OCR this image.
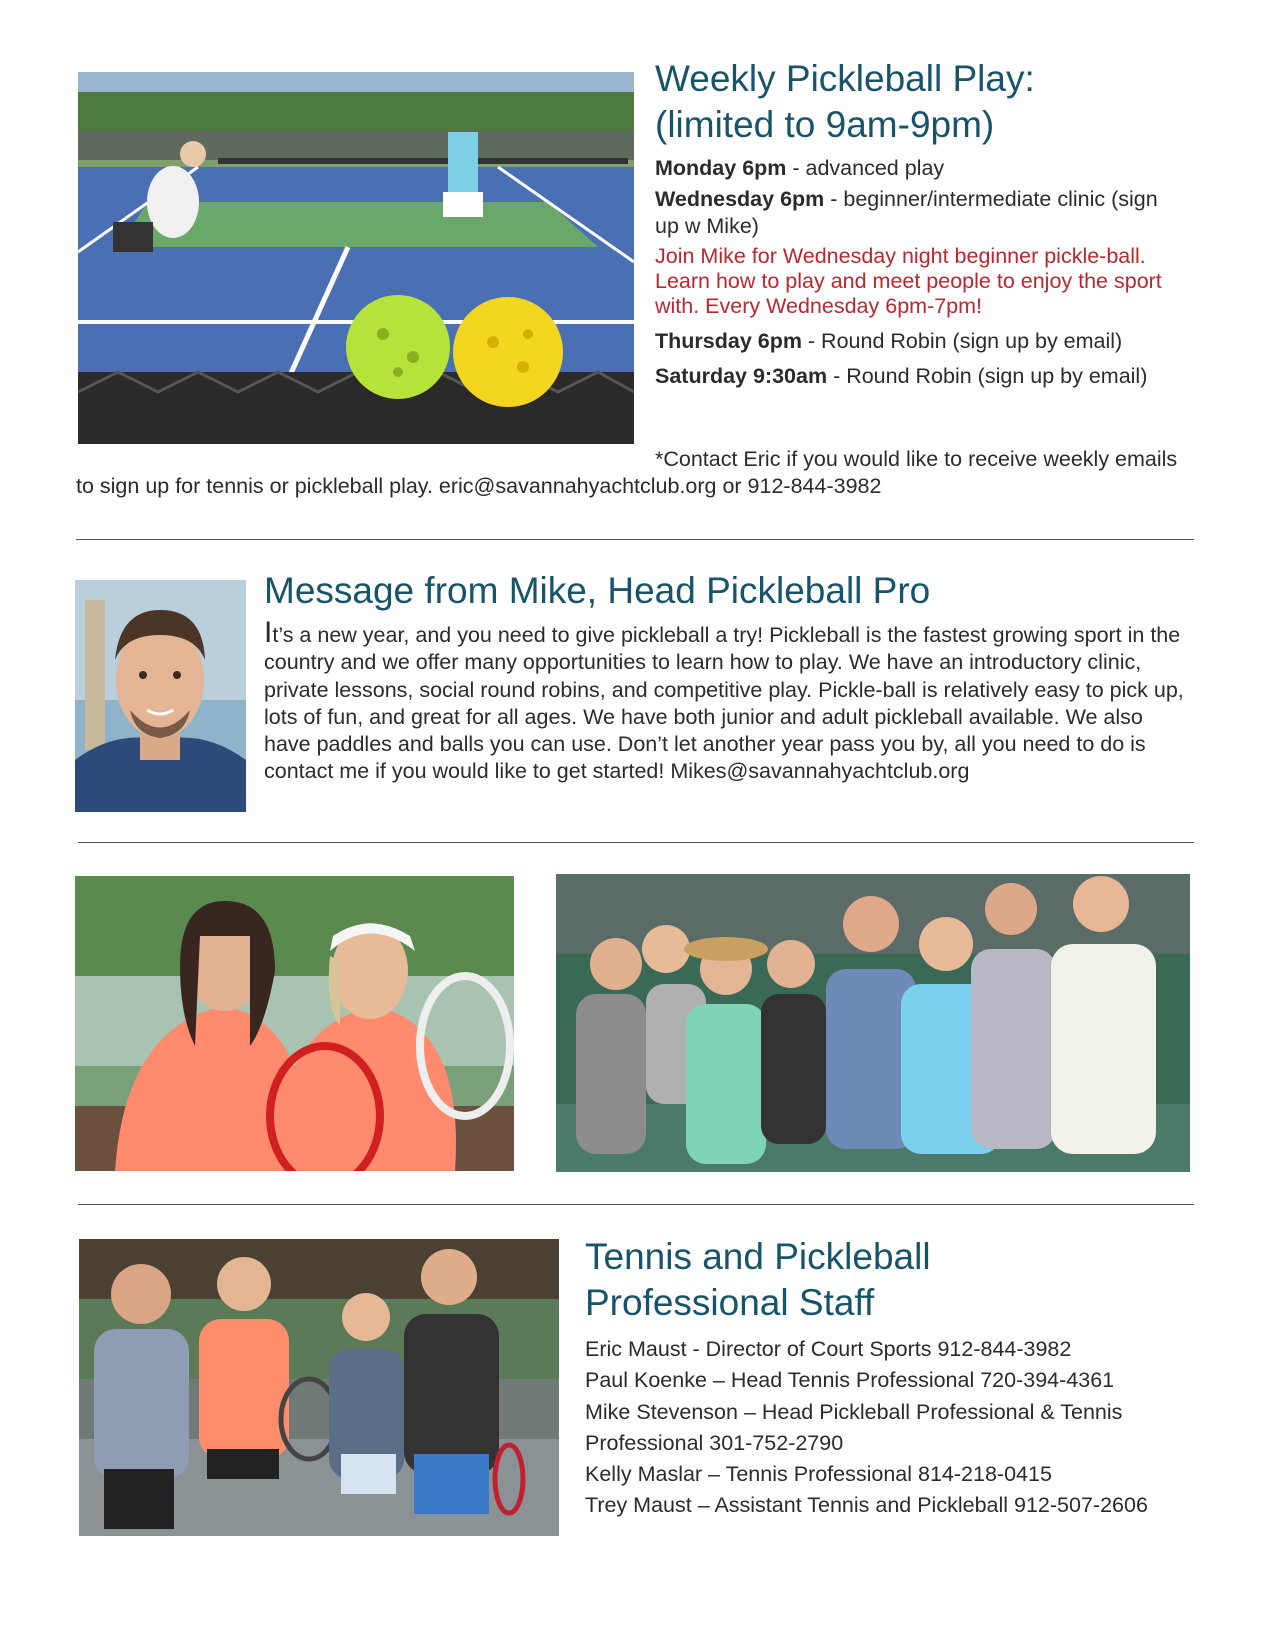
Weekly Pickleball Play:
(limited to 9am-9pm)
Monday 6pm - advanced play
Wednesday 6pm - beginner/intermediate clinic (sign up w Mike)
Join Mike for Wednesday night beginner pickle-ball. Learn how to play and meet people to enjoy the sport with. Every Wednesday 6pm-7pm!
Thursday 6pm - Round Robin (sign up by email)
Saturday 9:30am - Round Robin (sign up by email)
*Contact Eric if you would like to receive weekly emails to sign up for tennis or pickleball play. eric@savannahyachtclub.org or 912-844-3982
Message from Mike, Head Pickleball Pro
It’s a new year, and you need to give pickleball a try! Pickleball is the fastest growing sport in the country and we offer many opportunities to learn how to play. We have an introductory clinic, private lessons, social round robins, and competitive play. Pickle-ball is relatively easy to pick up, lots of fun, and great for all ages. We have both junior and adult pickleball available. We also have paddles and balls you can use. Don’t let another year pass you by, all you need to do is contact me if you would like to get started! Mikes@savannahyachtclub.org
Tennis and Pickleball
Professional Staff
Eric Maust - Director of Court Sports 912-844-3982
Paul Koenke – Head Tennis Professional 720-394-4361
Mike Stevenson – Head Pickleball Professional & Tennis Professional 301-752-2790
Kelly Maslar – Tennis Professional 814-218-0415
Trey Maust – Assistant Tennis and Pickleball 912-507-2606
